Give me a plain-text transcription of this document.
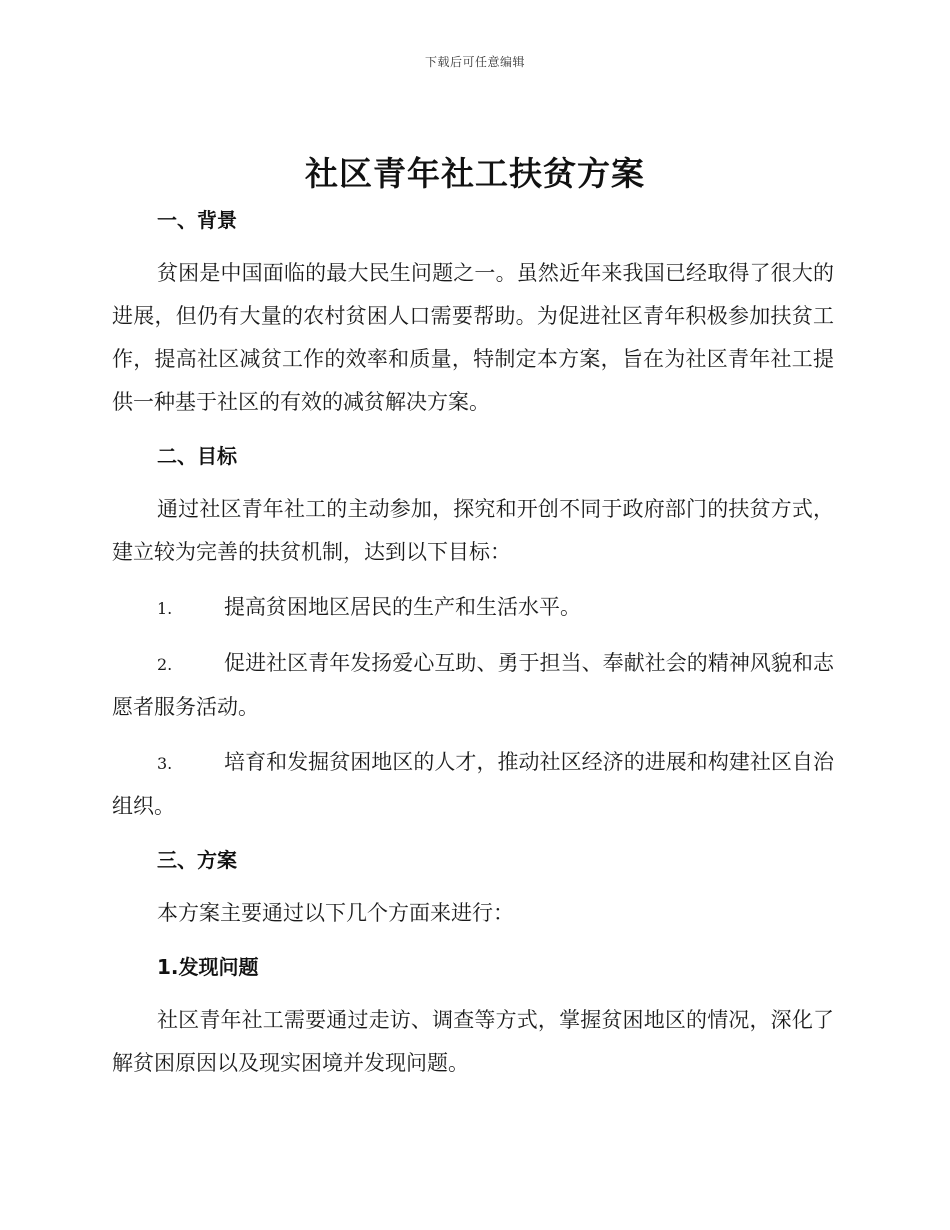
下载后可任意编辑
社区青年社工扶贫方案

一、背景

贫困是中国面临的最大民生问题之一。虽然近年来我国已经取得了很大的进展，但仍有大量的农村贫困人口需要帮助。为促进社区青年积极参加扶贫工作，提高社区减贫工作的效率和质量，特制定本方案，旨在为社区青年社工提供一种基于社区的有效的减贫解决方案。

二、目标

通过社区青年社工的主动参加，探究和开创不同于政府部门的扶贫方式，建立较为完善的扶贫机制，达到以下目标：

1. 提高贫困地区居民的生产和生活水平。

2. 促进社区青年发扬爱心互助、勇于担当、奉献社会的精神风貌和志愿者服务活动。

3. 培育和发掘贫困地区的人才，推动社区经济的进展和构建社区自治组织。

三、方案

本方案主要通过以下几个方面来进行：

1.发现问题

社区青年社工需要通过走访、调查等方式，掌握贫困地区的情况，深化了解贫困原因以及现实困境并发现问题。
